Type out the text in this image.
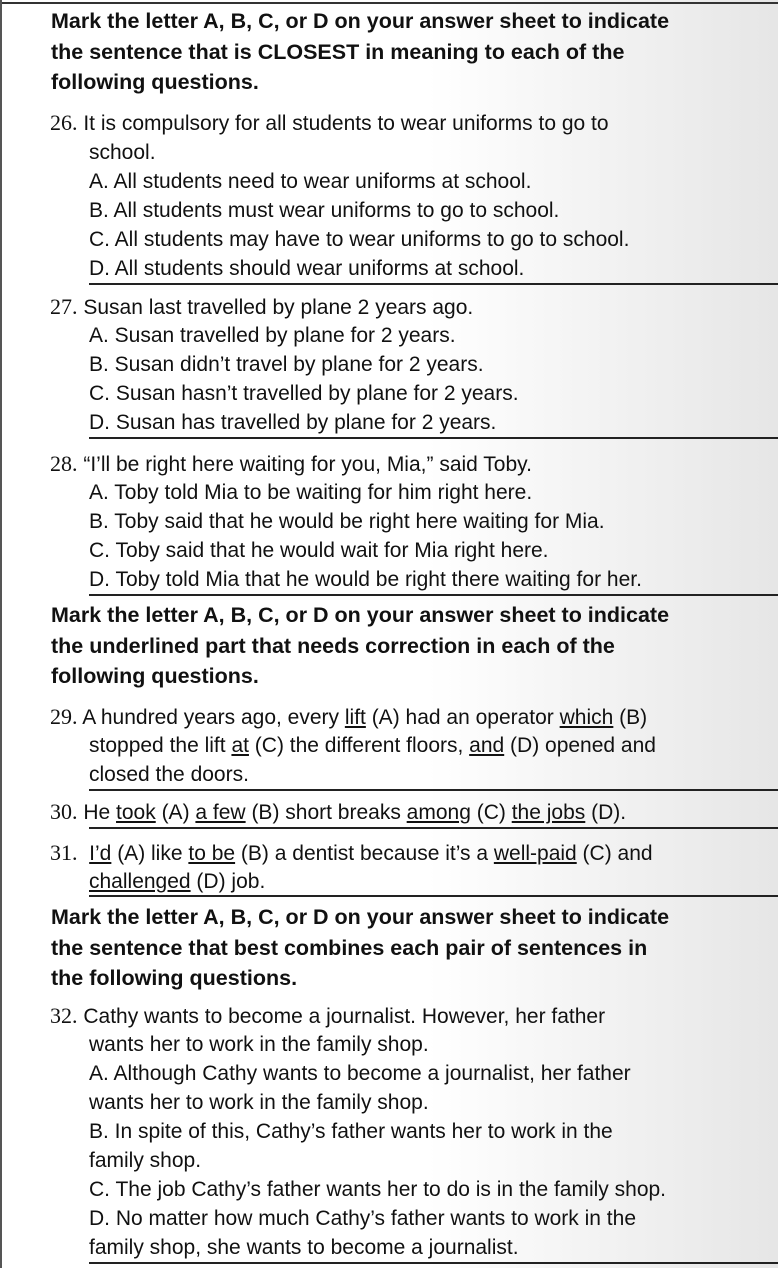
Mark the letter A, B, C, or D on your answer sheet to indicate
the sentence that is CLOSEST in meaning to each of the
following questions.
26. It is compulsory for all students to wear uniforms to go to
school.
A. All students need to wear uniforms at school.
B. All students must wear uniforms to go to school.
C. All students may have to wear uniforms to go to school.
D. All students should wear uniforms at school.
27. Susan last travelled by plane 2 years ago.
A. Susan travelled by plane for 2 years.
B. Susan didn’t travel by plane for 2 years.
C. Susan hasn’t travelled by plane for 2 years.
D. Susan has travelled by plane for 2 years.
28. “I’ll be right here waiting for you, Mia,” said Toby.
A. Toby told Mia to be waiting for him right here.
B. Toby said that he would be right here waiting for Mia.
C. Toby said that he would wait for Mia right here.
D. Toby told Mia that he would be right there waiting for her.
Mark the letter A, B, C, or D on your answer sheet to indicate
the underlined part that needs correction in each of the
following questions.
29. A hundred years ago, every lift (A) had an operator which (B)
stopped the lift at (C) the different floors, and (D) opened and
closed the doors.
30. He took (A) a few (B) short breaks among (C) the jobs (D).
31. I’d (A) like to be (B) a dentist because it’s a well-paid (C) and
challenged (D) job.
Mark the letter A, B, C, or D on your answer sheet to indicate
the sentence that best combines each pair of sentences in
the following questions.
32. Cathy wants to become a journalist. However, her father
wants her to work in the family shop.
A. Although Cathy wants to become a journalist, her father
wants her to work in the family shop.
B. In spite of this, Cathy’s father wants her to work in the
family shop.
C. The job Cathy’s father wants her to do is in the family shop.
D. No matter how much Cathy’s father wants to work in the
family shop, she wants to become a journalist.
